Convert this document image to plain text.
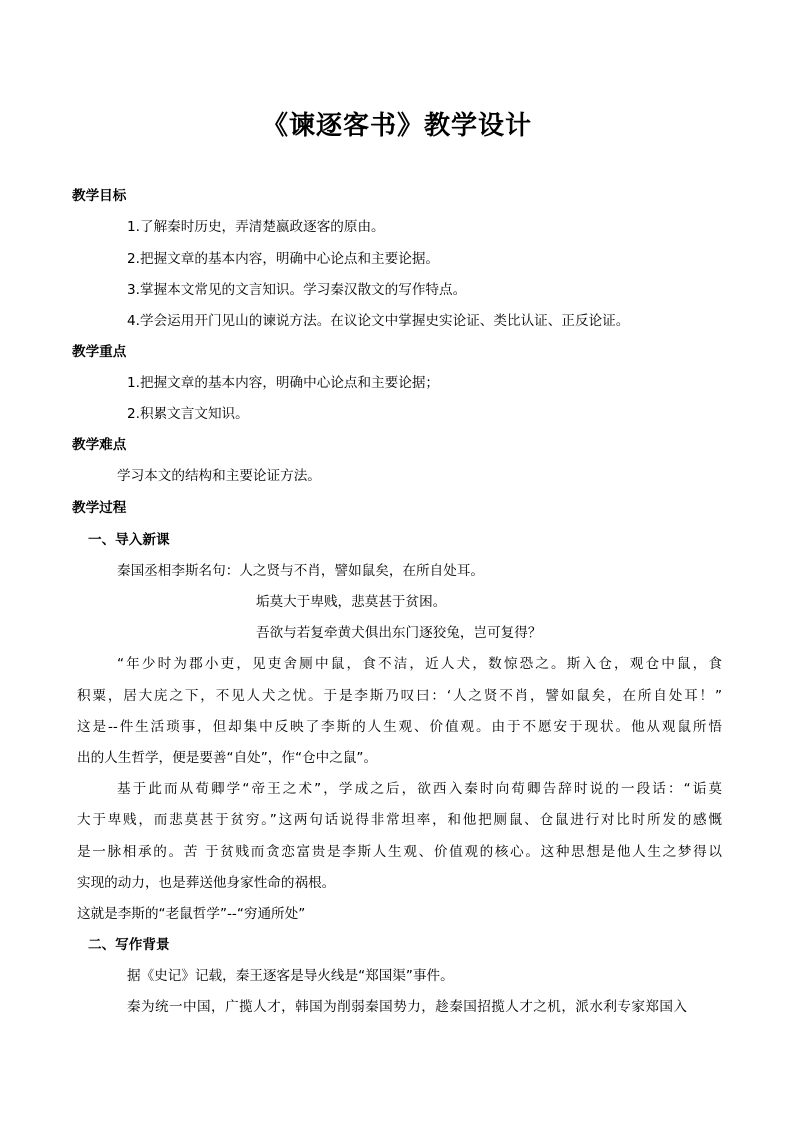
《谏逐客书》教学设计
教学目标
1.了解秦时历史，弄清楚嬴政逐客的原由。
2.把握文章的基本内容，明确中心论点和主要论据。
3.掌握本文常见的文言知识。学习秦汉散文的写作特点。
4.学会运用开门见山的谏说方法。在议论文中掌握史实论证、类比认证、正反论证。
教学重点
1.把握文章的基本内容，明确中心论点和主要论据；
2.积累文言文知识。
教学难点
学习本文的结构和主要论证方法。
教学过程
一、导入新课
秦国丞相李斯名句：人之贤与不肖，譬如鼠矣，在所自处耳。
垢莫大于卑贱，悲莫甚于贫困。
吾欲与若复牵黄犬俱出东门逐狡兔，岂可复得？
“年少时为郡小吏，见吏舍厕中鼠，食不洁，近人犬，数惊恐之。斯入仓，观仓中鼠，食
积粟，居大庑之下，不见人犬之忧。于是李斯乃叹曰：‘人之贤不肖，譬如鼠矣，在所自处耳！”
这是--件生活琐事，但却集中反映了李斯的人生观、价值观。由于不愿安于现状。他从观鼠所悟
出的人生哲学，便是要善“自处”，作“仓中之鼠”。
基于此而从荀卿学“帝王之术”，学成之后，欲西入秦时向荀卿告辞时说的一段话：“诟莫
大于卑贱，而悲莫甚于贫穷。”这两句话说得非常坦率，和他把厕鼠、仓鼠进行对比时所发的感慨
是一脉相承的。苦 于贫贱而贪恋富贵是李斯人生观、价值观的核心。这种思想是他人生之梦得以
实现的动力，也是葬送他身家性命的祸根。
这就是李斯的“老鼠哲学”--“穷通所处”
二、写作背景
据《史记》记载，秦王逐客是导火线是“郑国渠”事件。
秦为统一中国，广揽人才，韩国为削弱秦国势力，趁秦国招揽人才之机，派水利专家郑国入
